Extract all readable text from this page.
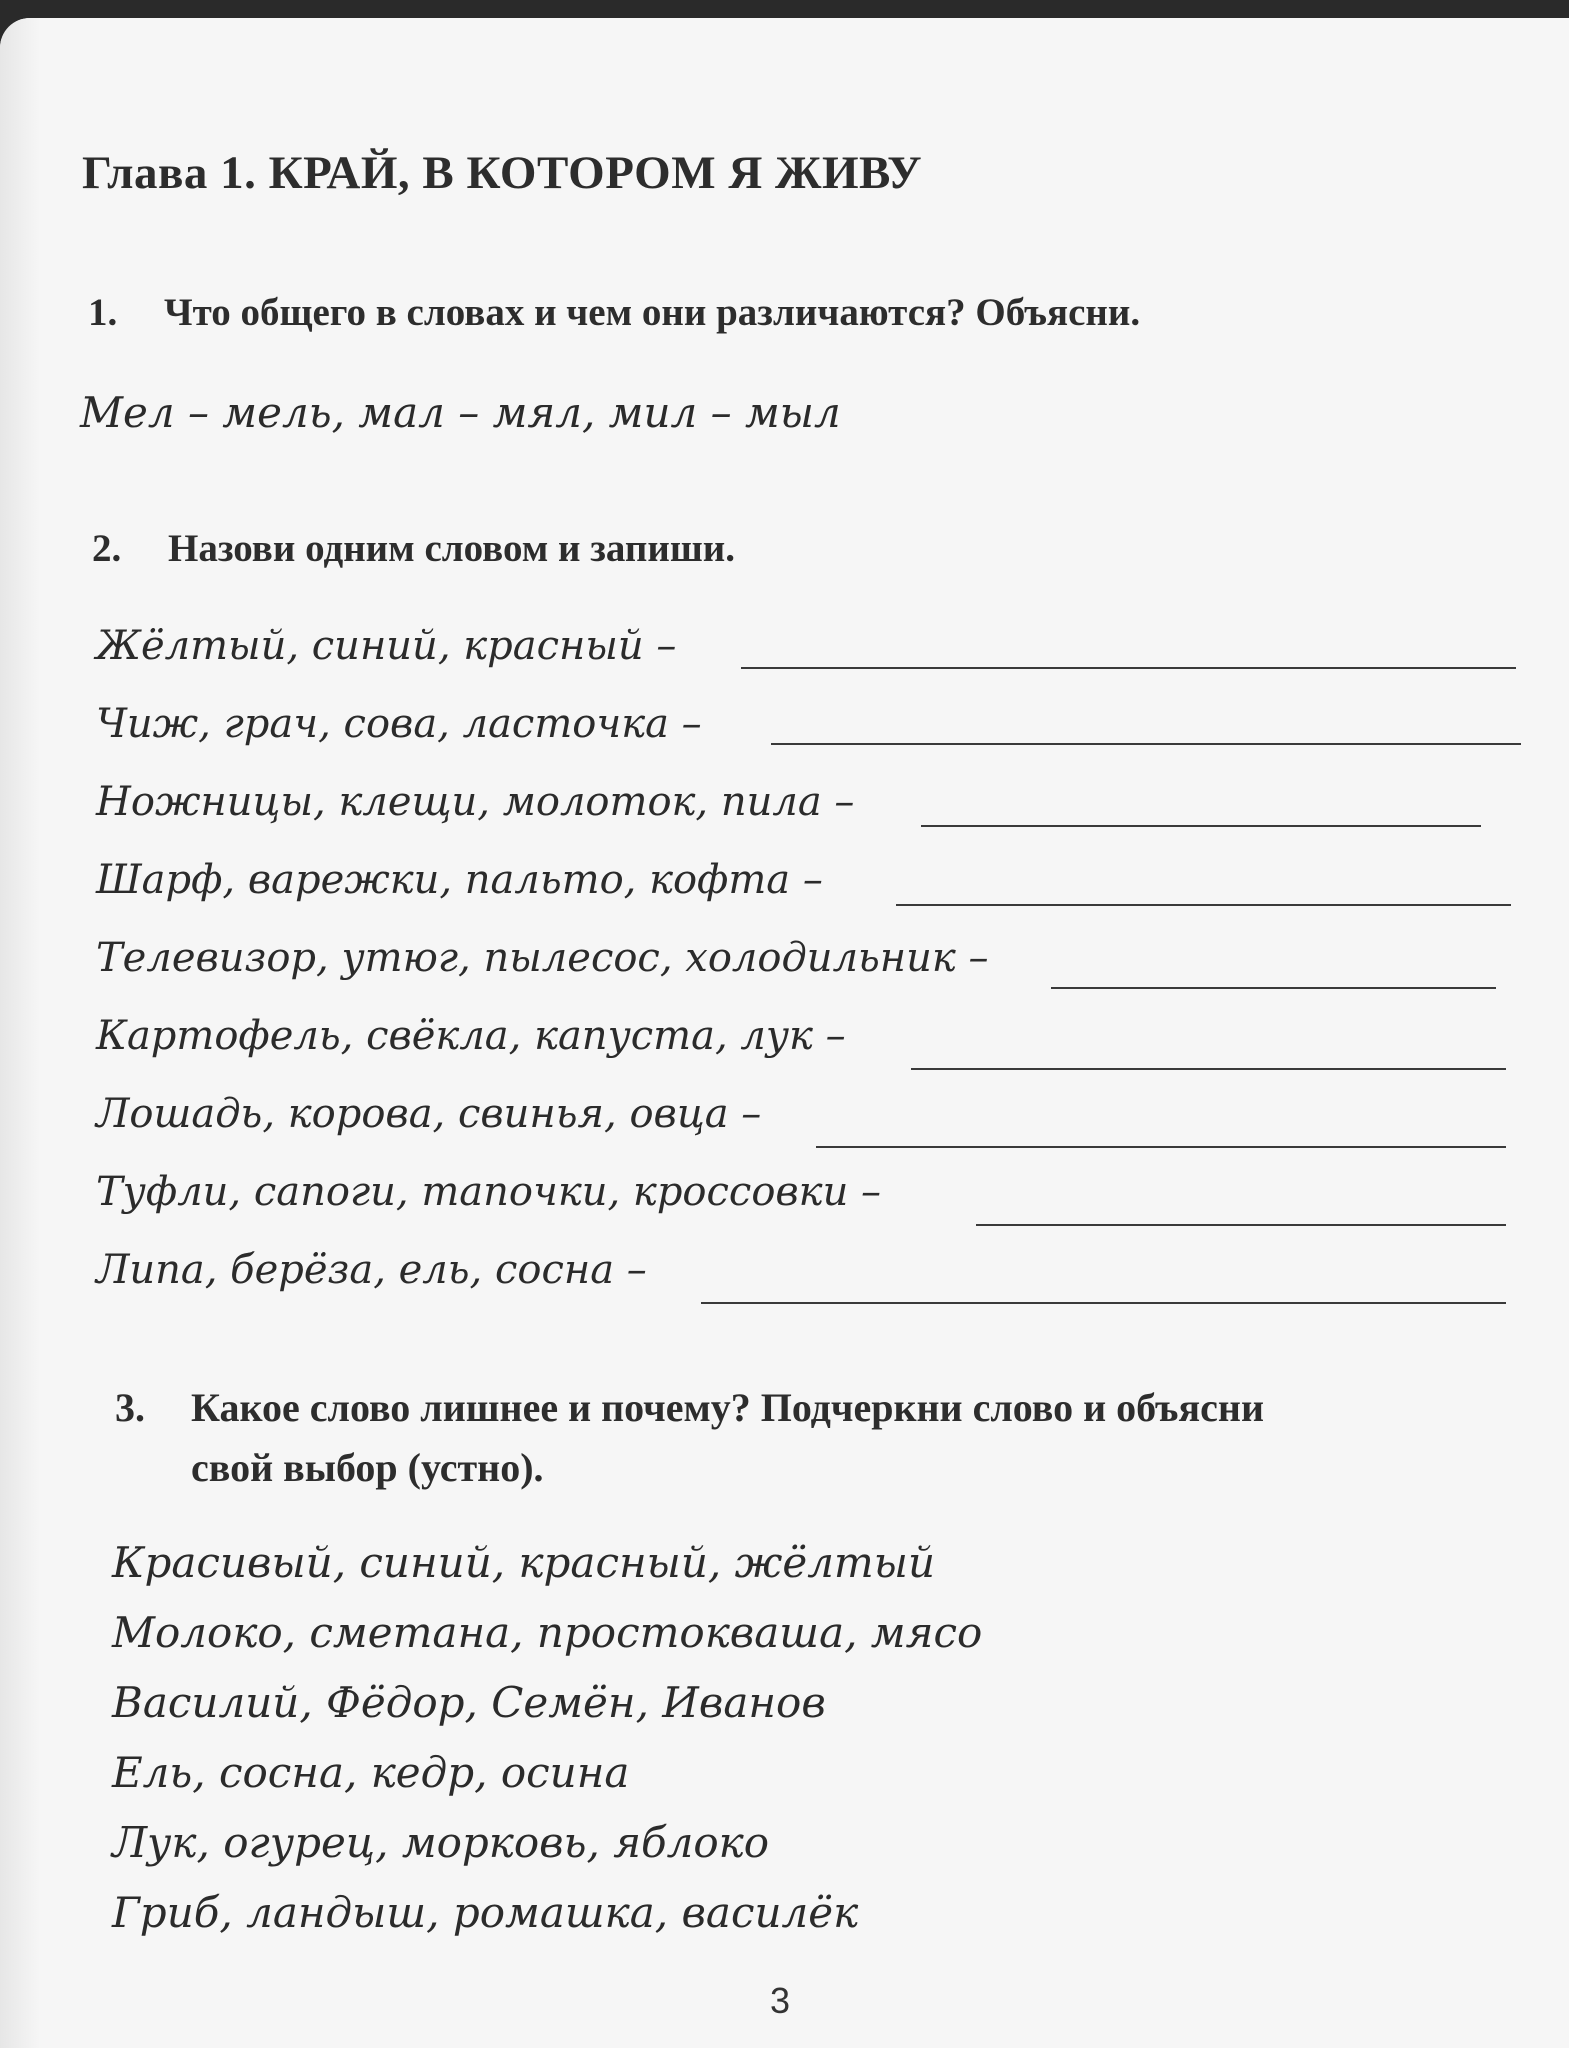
Глава 1. КРАЙ, В КОТОРОМ Я ЖИВУ
1. Что общего в словах и чем они различаются? Объясни.
Мел – мель, мал – мял, мил – мыл
2. Назови одним словом и запиши.
Жёлтый, синий, красный –
Чиж, грач, сова, ласточка –
Ножницы, клещи, молоток, пила –
Шарф, варежки, пальто, кофта –
Телевизор, утюг, пылесос, холодильник –
Картофель, свёкла, капуста, лук –
Лошадь, корова, свинья, овца –
Туфли, сапоги, тапочки, кроссовки –
Липа, берёза, ель, сосна –
3. Какое слово лишнее и почему? Подчеркни слово и объясни
свой выбор (устно).
Красивый, синий, красный, жёлтый
Молоко, сметана, простокваша, мясо
Василий, Фёдор, Семён, Иванов
Ель, сосна, кедр, осина
Лук, огурец, морковь, яблоко
Гриб, ландыш, ромашка, василёк
3
